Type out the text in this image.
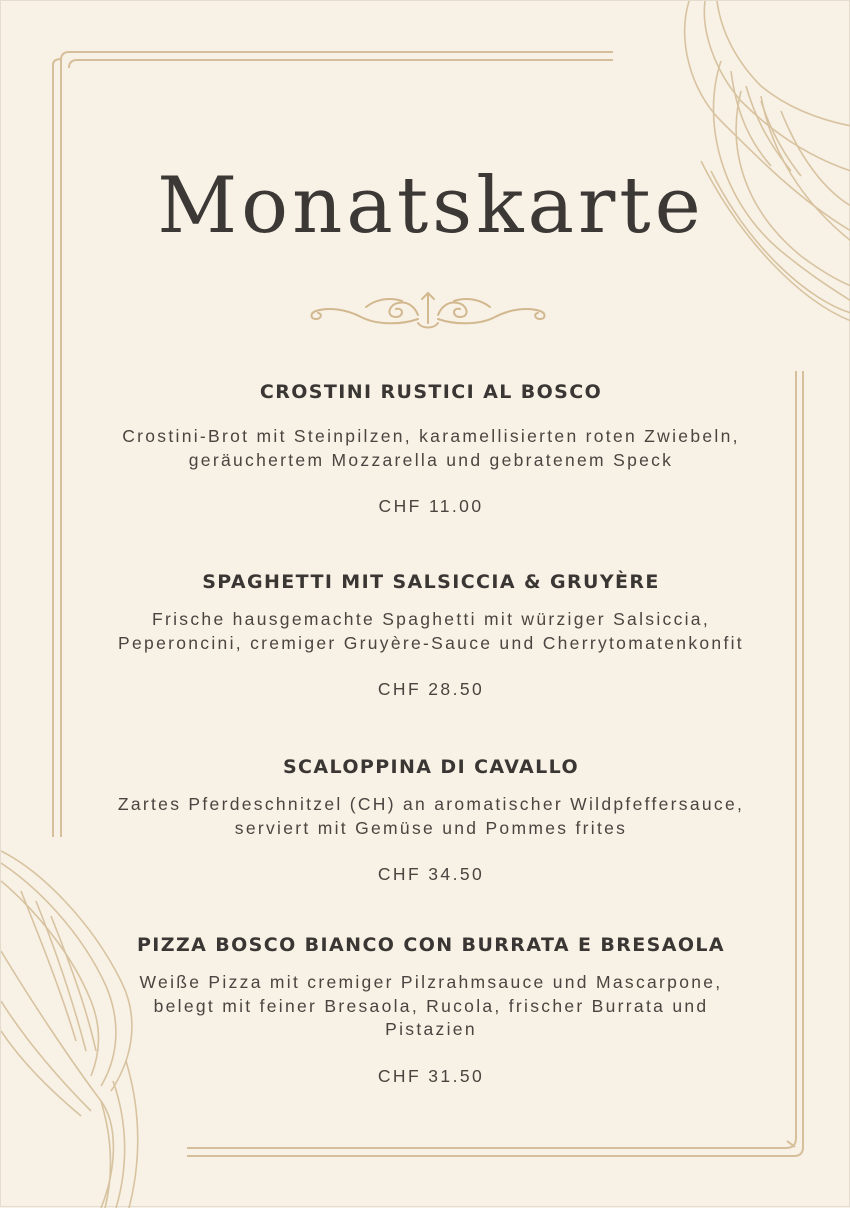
Monatskarte

CROSTINI RUSTICI AL BOSCO

Crostini-Brot mit Steinpilzen, karamellisierten roten Zwiebeln, geräuchertem Mozzarella und gebratenem Speck

CHF 11.00

SPAGHETTI MIT SALSICCIA & GRUYÈRE

Frische hausgemachte Spaghetti mit würziger Salsiccia, Peperoncini, cremiger Gruyère-Sauce und Cherrytomatenkonfit

CHF 28.50

SCALOPPINA DI CAVALLO

Zartes Pferdeschnitzel (CH) an aromatischer Wildpfeffersauce, serviert mit Gemüse und Pommes frites

CHF 34.50

PIZZA BOSCO BIANCO CON BURRATA E BRESAOLA

Weiße Pizza mit cremiger Pilzrahmsauce und Mascarpone, belegt mit feiner Bresaola, Rucola, frischer Burrata und Pistazien

CHF 31.50
